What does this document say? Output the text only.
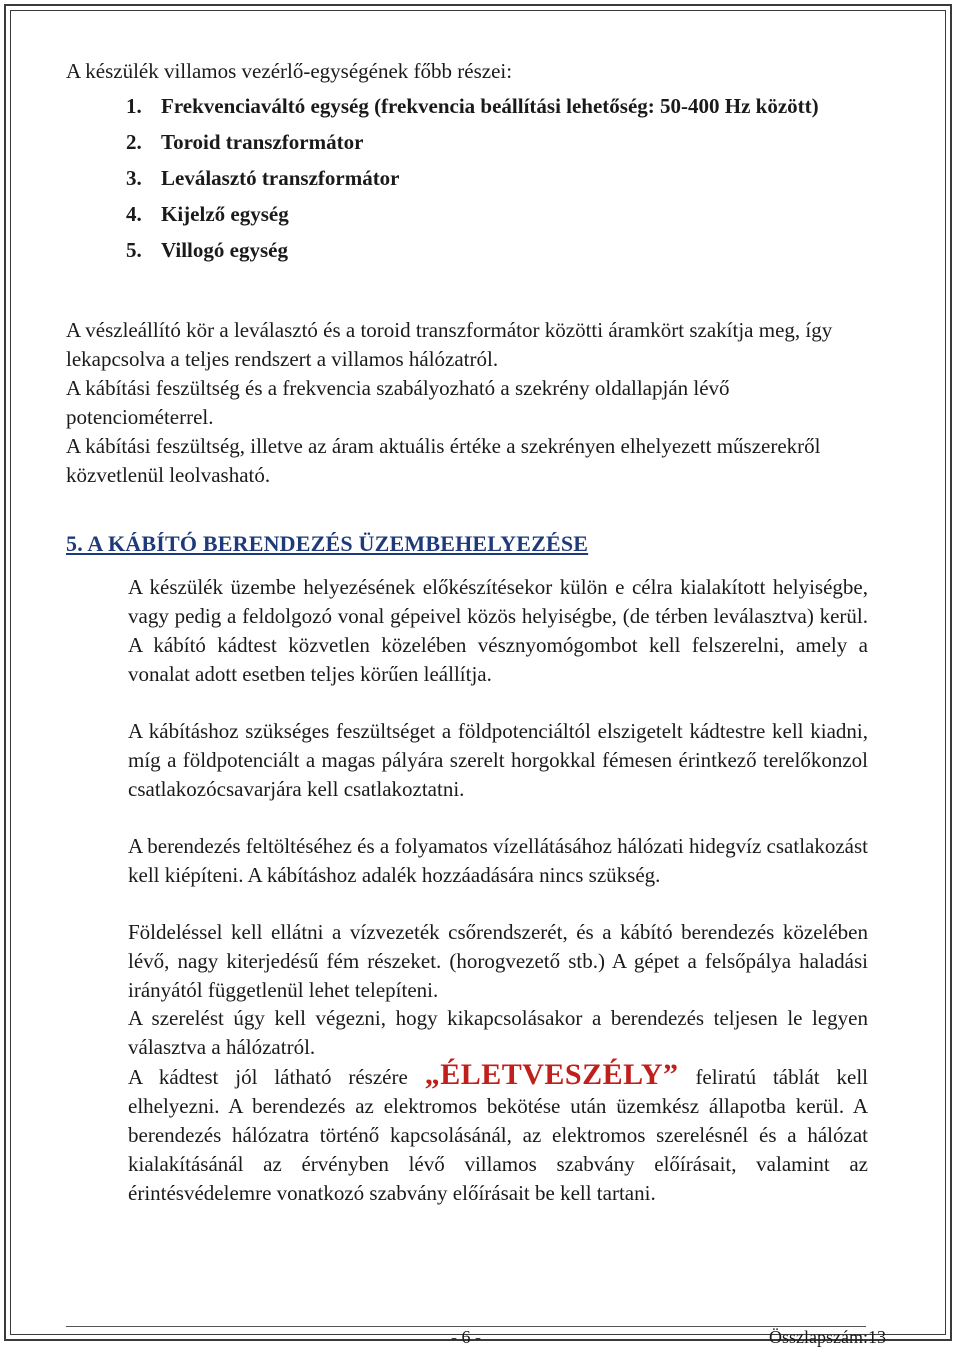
A készülék villamos vezérlő-egységének főbb részei:

1. Frekvenciaváltó egység (frekvencia beállítási lehetőség: 50-400 Hz között)
2. Toroid transzformátor
3. Leválasztó transzformátor
4. Kijelző egység
5. Villogó egység

A vészleállító kör a leválasztó és a toroid transzformátor közötti áramkört szakítja meg, így lekapcsolva a teljes rendszert a villamos hálózatról.

A kábítási feszültség és a frekvencia szabályozható a szekrény oldallapján lévő potenciométerrel.

A kábítási feszültség, illetve az áram aktuális értéke a szekrényen elhelyezett műszerekről közvetlenül leolvasható.

5. A KÁBÍTÓ BERENDEZÉS ÜZEMBEHELYEZÉSE

A készülék üzembe helyezésének előkészítésekor külön e célra kialakított helyiségbe, vagy pedig a feldolgozó vonal gépeivel közös helyiségbe, (de térben leválasztva) kerül. A kábító kádtest közvetlen közelében vésznyomógombot kell felszerelni, amely a vonalat adott esetben teljes körűen leállítja.

A kábításhoz szükséges feszültséget a földpotenciáltól elszigetelt kádtestre kell kiadni, míg a földpotenciált a magas pályára szerelt horgokkal fémesen érintkező terelőkonzol csatlakozócsavarjára kell csatlakoztatni.

A berendezés feltöltéséhez és a folyamatos vízellátásához hálózati hidegvíz csatlakozást kell kiépíteni. A kábításhoz adalék hozzáadására nincs szükség.

Földeléssel kell ellátni a vízvezeték csőrendszerét, és a kábító berendezés közelében lévő, nagy kiterjedésű fém részeket. (horogvezető stb.) A gépet a felsőpálya haladási irányától függetlenül lehet telepíteni.

A szerelést úgy kell végezni, hogy kikapcsolásakor a berendezés teljesen le legyen választva a hálózatról.

A kádtest jól látható részére „ÉLETVESZÉLY” feliratú táblát kell elhelyezni. A berendezés az elektromos bekötése után üzemkész állapotba kerül. A berendezés hálózatra történő kapcsolásánál, az elektromos szerelésnél és a hálózat kialakításánál az érvényben lévő villamos szabvány előírásait, valamint az érintésvédelemre vonatkozó szabvány előírásait be kell tartani.

- 6 -	Összlapszám:13
